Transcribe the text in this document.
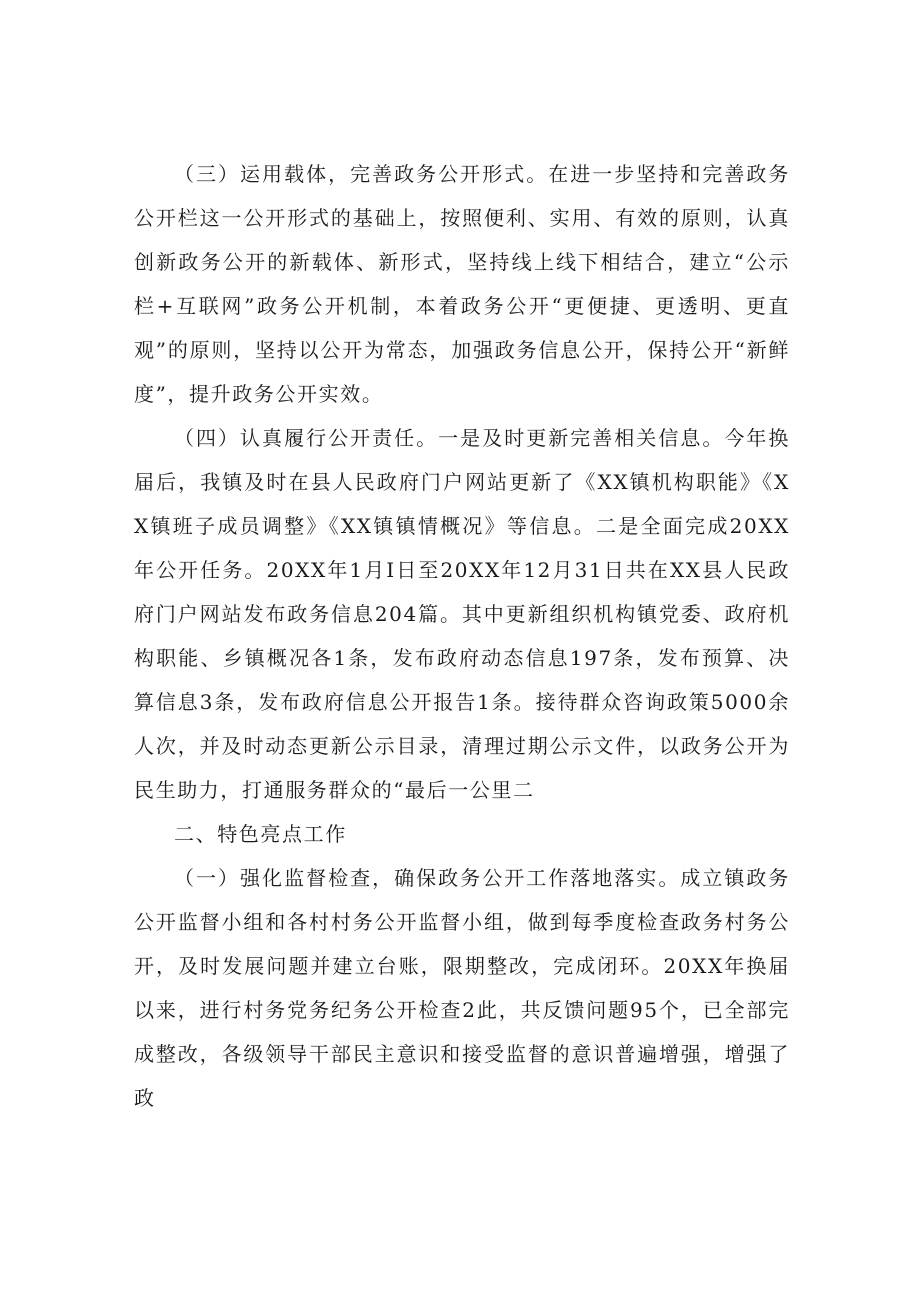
（三）运用载体，完善政务公开形式。在进一步坚持和完善政务公开栏这一公开形式的基础上，按照便利、实用、有效的原则，认真创新政务公开的新载体、新形式，坚持线上线下相结合，建立“公示栏+互联网”政务公开机制，本着政务公开“更便捷、更透明、更直观”的原则，坚持以公开为常态，加强政务信息公开，保持公开“新鲜度”，提升政务公开实效。

（四）认真履行公开责任。一是及时更新完善相关信息。今年换届后，我镇及时在县人民政府门户网站更新了《XX镇机构职能》《XX镇班子成员调整》《XX镇镇情概况》等信息。二是全面完成20XX年公开任务。20XX年1月I日至20XX年12月31日共在XX县人民政府门户网站发布政务信息204篇。其中更新组织机构镇党委、政府机构职能、乡镇概况各1条，发布政府动态信息197条，发布预算、决算信息3条，发布政府信息公开报告1条。接待群众咨询政策5000余人次，并及时动态更新公示目录，清理过期公示文件，以政务公开为民生助力，打通服务群众的“最后一公里二

二、特色亮点工作

（一）强化监督检查，确保政务公开工作落地落实。成立镇政务公开监督小组和各村村务公开监督小组，做到每季度检查政务村务公开，及时发展问题并建立台账，限期整改，完成闭环。20XX年换届以来，进行村务党务纪务公开检查2此，共反馈问题95个，已全部完成整改，各级领导干部民主意识和接受监督的意识普遍增强，增强了政
